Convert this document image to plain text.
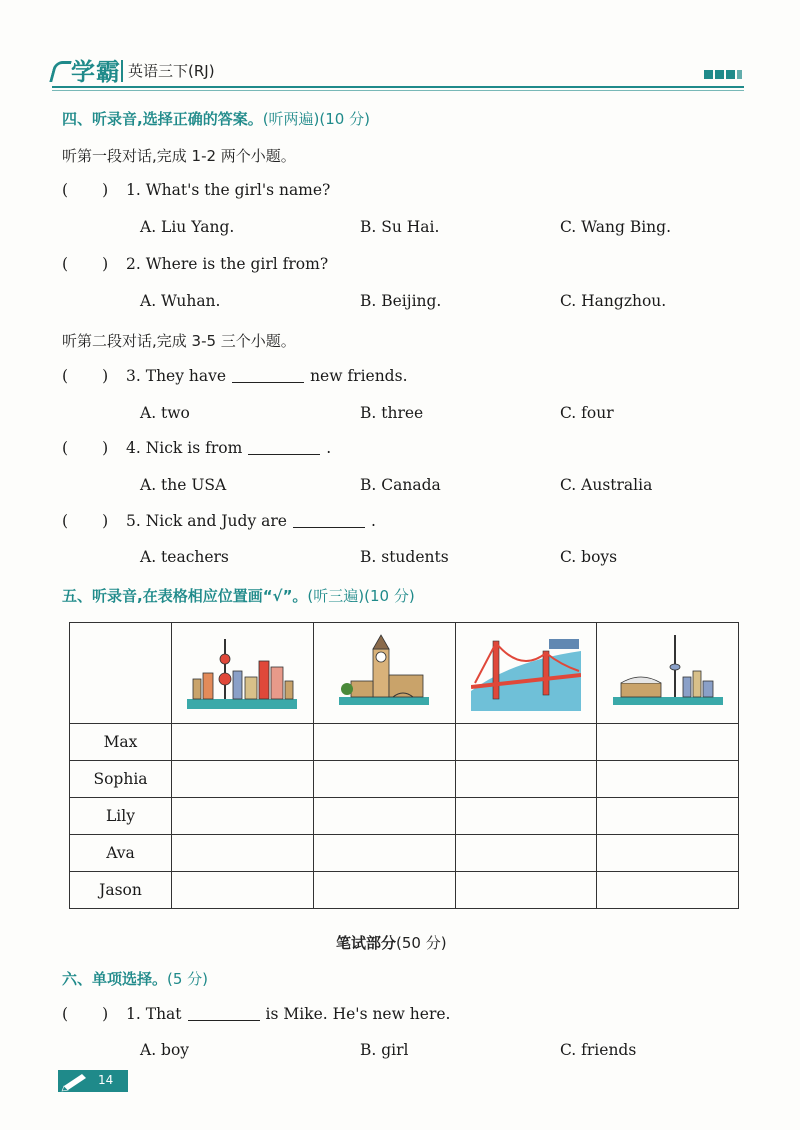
学霸 英语三下(RJ)
四、听录音,选择正确的答案。(听两遍)(10 分)
听第一段对话,完成 1-2 两个小题。
( ) 1. What's the girl's name?
A. Liu Yang.	B. Su Hai.	C. Wang Bing.
( ) 2. Where is the girl from?
A. Wuhan.	B. Beijing.	C. Hangzhou.
听第二段对话,完成 3-5 三个小题。
( ) 3. They have	new friends.
A. two	B. three	C. four
( ) 4. Nick is from	.
A. the USA	B. Canada	C. Australia
( ) 5. Nick and Judy are	.
A. teachers	B. students	C. boys
五、听录音,在表格相应位置画“√”。(听三遍)(10 分)

Max				
Sophia				
Lily				
Ava				
Jason				
笔试部分(50 分)
六、单项选择。(5 分)
( ) 1. That	is Mike. He's new here.
A. boy	B. girl	C. friends
14
